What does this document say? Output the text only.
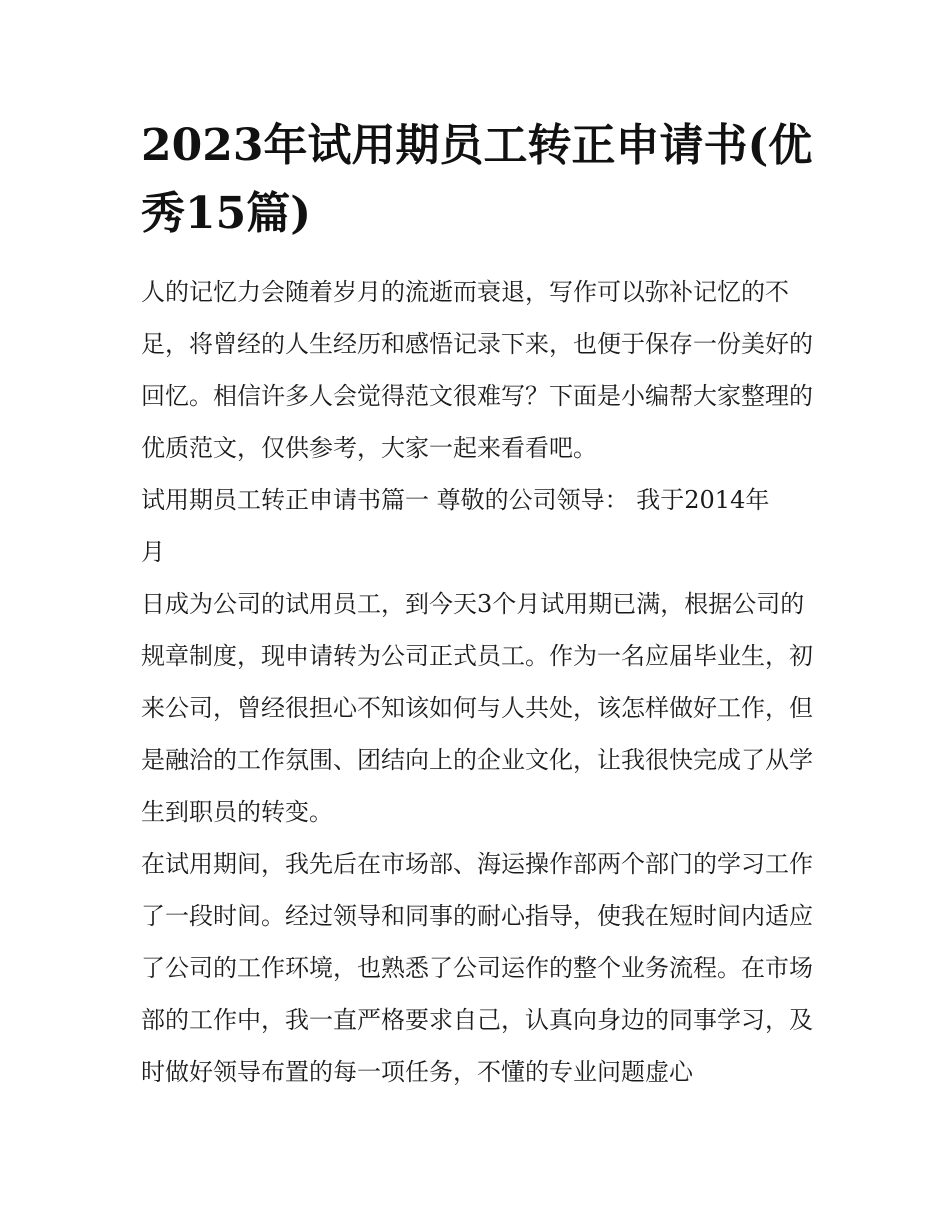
2023年试用期员工转正申请书(优秀15篇)

人的记忆力会随着岁月的流逝而衰退，写作可以弥补记忆的不足，将曾经的人生经历和感悟记录下来，也便于保存一份美好的回忆。相信许多人会觉得范文很难写？下面是小编帮大家整理的优质范文，仅供参考，大家一起来看看吧。

试用期员工转正申请书篇一 尊敬的公司领导： 我于2014年 月

日成为公司的试用员工，到今天3个月试用期已满，根据公司的规章制度，现申请转为公司正式员工。作为一名应届毕业生，初来公司，曾经很担心不知该如何与人共处，该怎样做好工作，但是融洽的工作氛围、团结向上的企业文化，让我很快完成了从学生到职员的转变。

在试用期间，我先后在市场部、海运操作部两个部门的学习工作了一段时间。经过领导和同事的耐心指导，使我在短时间内适应了公司的工作环境，也熟悉了公司运作的整个业务流程。在市场部的工作中，我一直严格要求自己，认真向身边的同事学习，及时做好领导布置的每一项任务，不懂的专业问题虚心
